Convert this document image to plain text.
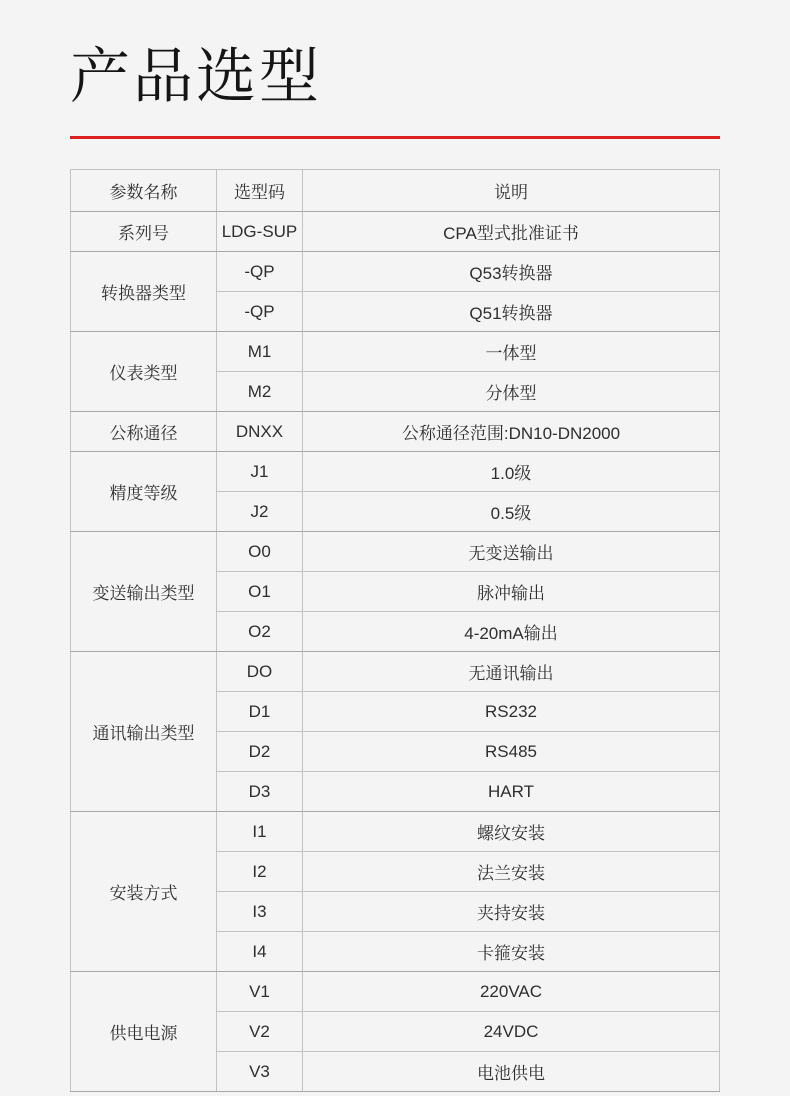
产品选型
参数名称	选型码	说明
系列号	LDG-SUP	CPA型式批准证书
转换器类型	-QP	Q53转换器
	-QP	Q51转换器
仪表类型	M1	一体型
	M2	分体型
公称通径	DNXX	公称通径范围:DN10-DN2000
精度等级	J1	1.0级
	J2	0.5级
变送输出类型	O0	无变送输出
	O1	脉冲输出
	O2	4-20mA输出
通讯输出类型	DO	无通讯输出
	D1	RS232
	D2	RS485
	D3	HART
安装方式	I1	螺纹安装
	I2	法兰安装
	I3	夹持安装
	I4	卡箍安装
供电电源	V1	220VAC
	V2	24VDC
	V3	电池供电
